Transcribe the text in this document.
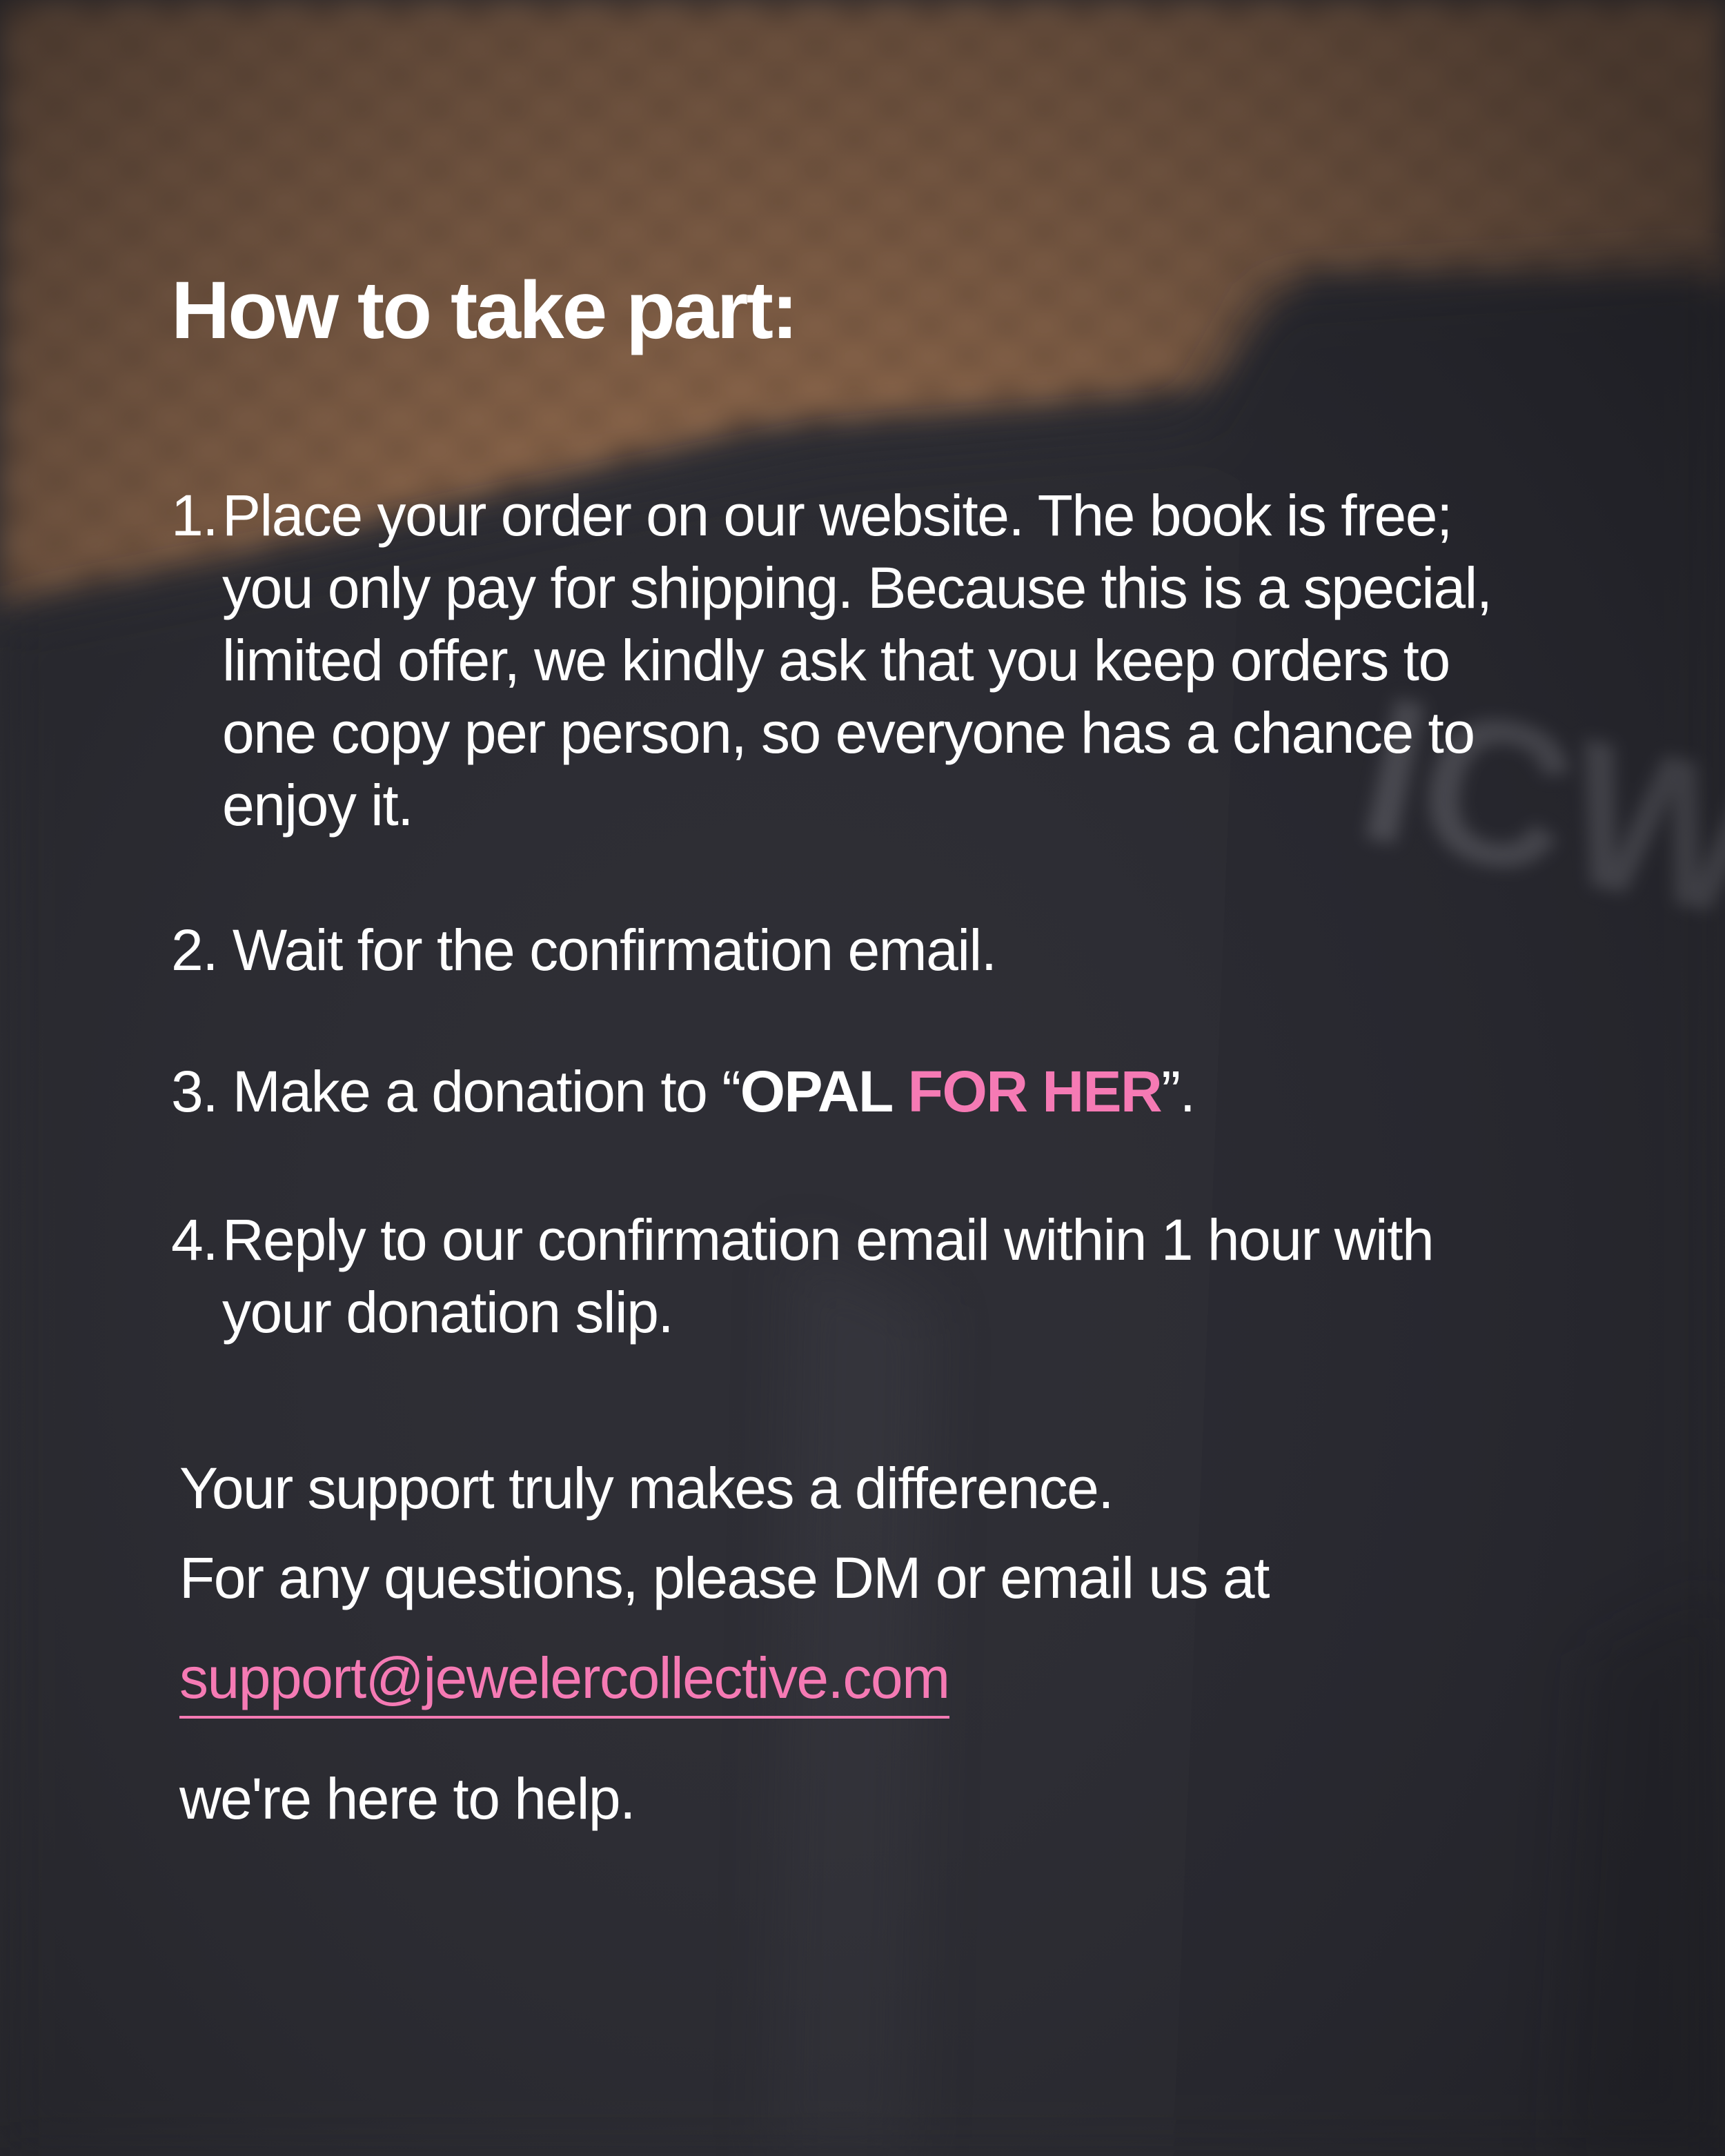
How to take part:
1. Place your order on our website. The book is free; you only pay for shipping. Because this is a special, limited offer, we kindly ask that you keep orders to one copy per person, so everyone has a chance to enjoy it.
2. Wait for the confirmation email.
3. Make a donation to “OPAL FOR HER”.
4. Reply to our confirmation email within 1 hour with your donation slip.
Your support truly makes a difference.
For any questions, please DM or email us at
support@jewelercollective.com
we're here to help.
